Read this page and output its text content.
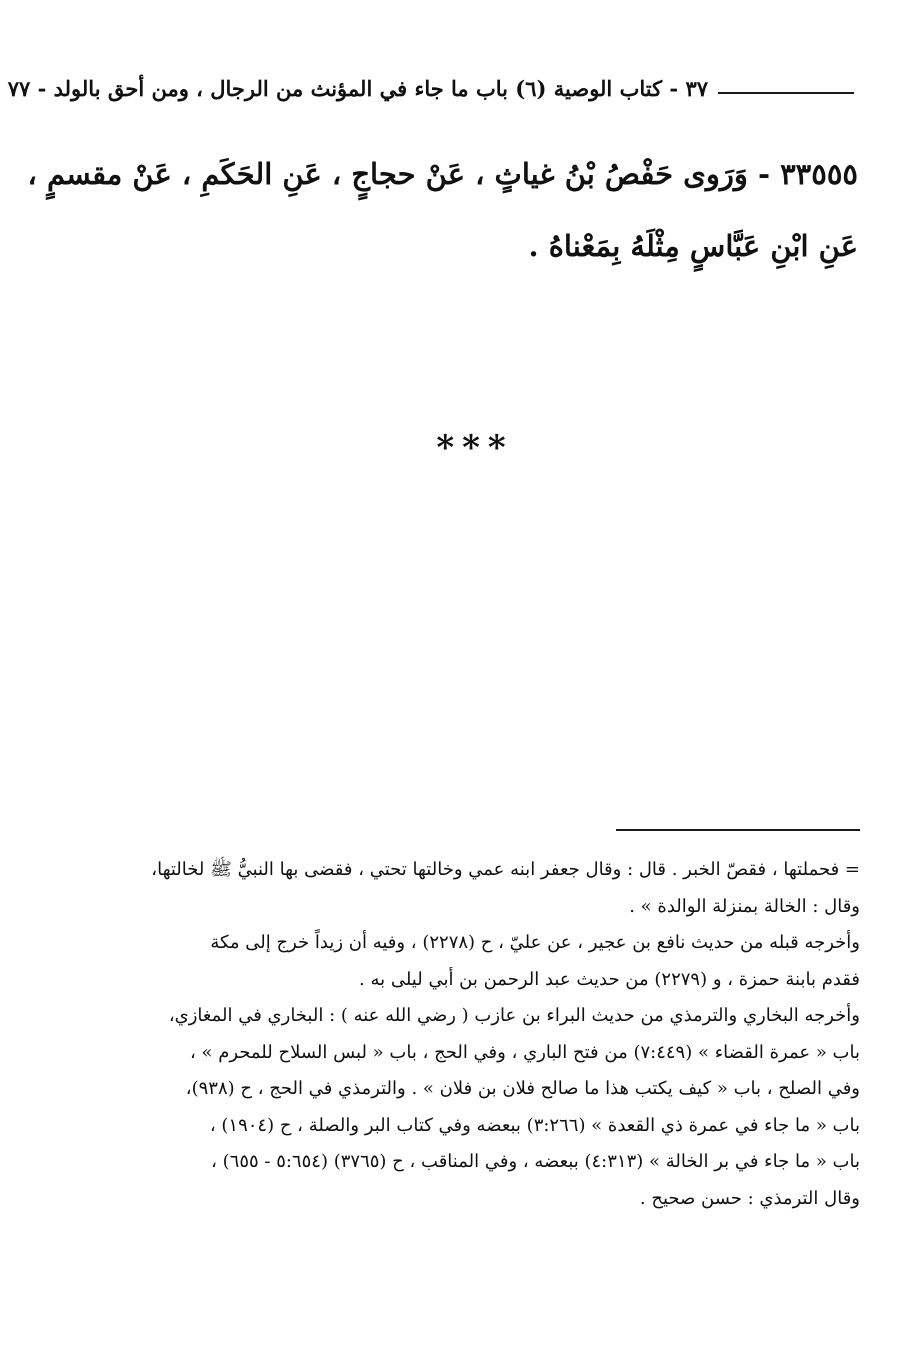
٣٧ - كتاب الوصية (٦) باب ما جاء في المؤنث من الرجال ، ومن أحق بالولد - ٧٧
٣٣٥٥٥ - وَرَوى حَفْصُ بْنُ غياثٍ ، عَنْ حجاجٍ ، عَنِ الحَكَمِ ، عَنْ مقسمٍ ،
عَنِ ابْنِ عَبَّاسٍ مِثْلَهُ بِمَعْناهُ .
***
= فحملتها ، فقصّ الخبر . قال : وقال جعفر ابنه عمي وخالتها تحتي ، فقضى بها النبيُّ ﷺ لخالتها،
وقال : الخالة بمنزلة الوالدة » .
وأخرجه قبله من حديث نافع بن عجير ، عن عليّ ، ح (٢٢٧٨) ، وفيه أن زيداً خرج إلى مكة
فقدم بابنة حمزة ، و (٢٢٧٩) من حديث عبد الرحمن بن أبي ليلى به .
وأخرجه البخاري والترمذي من حديث البراء بن عازب ( رضي الله عنه ) : البخاري في المغازي،
باب « عمرة القضاء » (٧:٤٤٩) من فتح الباري ، وفي الحج ، باب « لبس السلاح للمحرم » ،
وفي الصلح ، باب « كيف يكتب هذا ما صالح فلان بن فلان » . والترمذي في الحج ، ح (٩٣٨)،
باب « ما جاء في عمرة ذي القعدة » (٣:٢٦٦) ببعضه وفي كتاب البر والصلة ، ح (١٩٠٤) ،
باب « ما جاء في بر الخالة » (٤:٣١٣) ببعضه ، وفي المناقب ، ح (٣٧٦٥) (٥:٦٥٤ - ٦٥٥) ،
وقال الترمذي : حسن صحيح .
